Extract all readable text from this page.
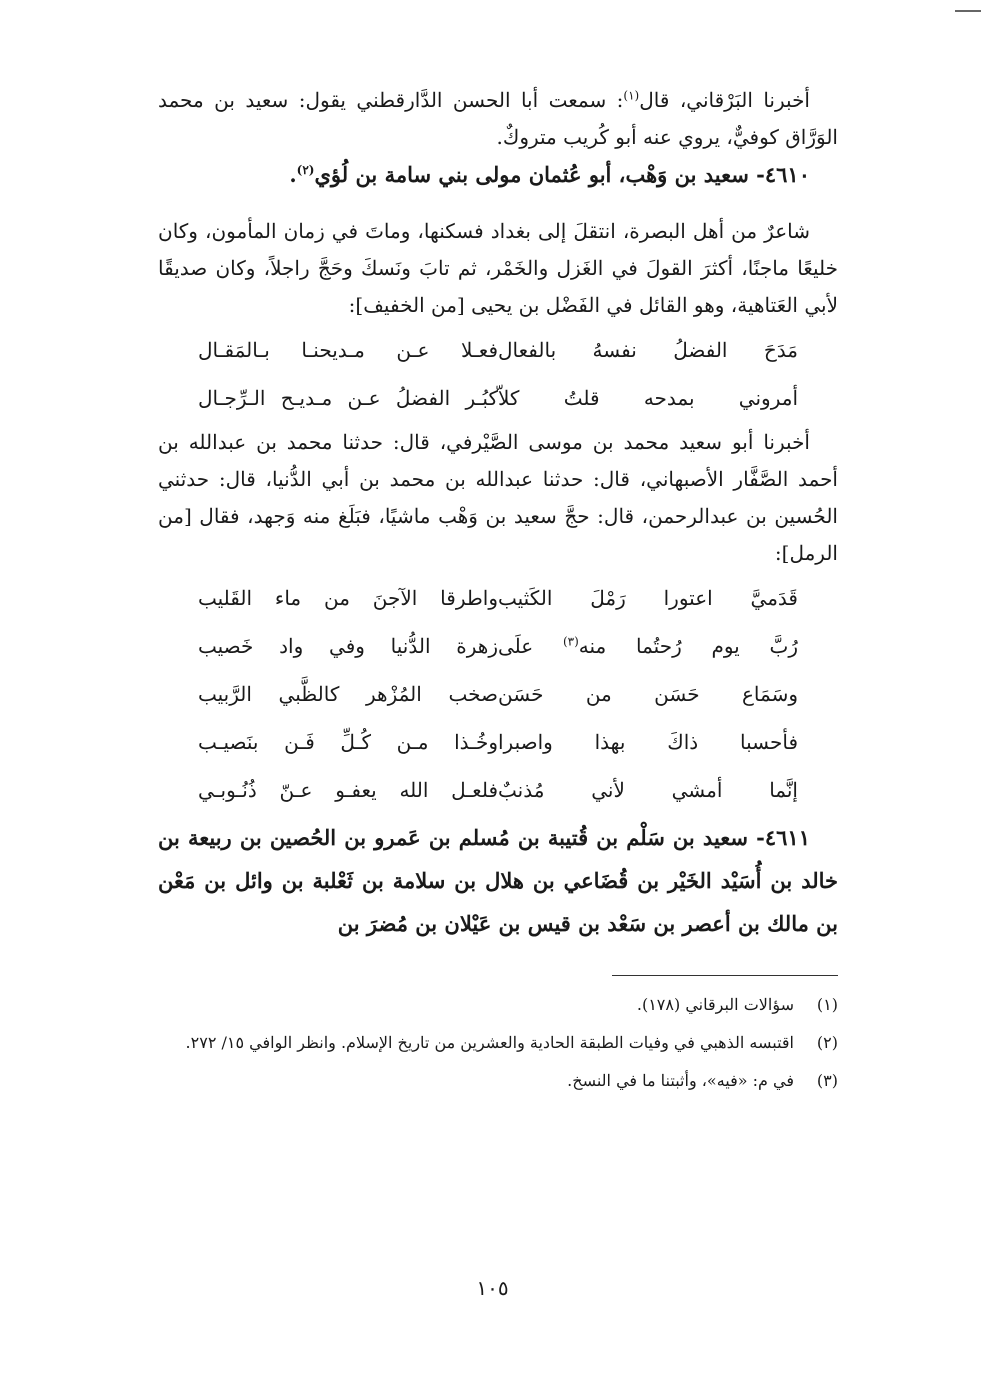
أخبرنا البَرْقاني، قال$^{(١)}$: سمعت أبا الحسن الدَّارقطني يقول: سعيد بن محمد الوَرَّاق كوفيٌّ، يروي عنه أبو كُريب متروكٌ.

٤٦١٠- سعيد بن وَهْب، أبو عُثمان مولى بني سامة بن لُؤي$^{(٢)}$.

شاعرٌ من أهل البصرة، انتقلَ إلى بغداد فسكنها، وماتَ في زمان المأمون، وكان خليعًا ماجنًا، أكثرَ القولَ في الغَزل والخَمْر، ثم تابَ ونَسكَ وحَجَّ راجلاً، وكان صديقًا لأبي العَتاهية، وهو القائل في الفَضْل بن يحيى [من الخفيف]:

مَدَحَ الفضلُ نفسهُ بالفعال
فعـلا عـن مـديحنـا بـالمَقـال
أمروني بمدحه قلتُ كلاّ
كبُـر الفضلُ عـن مـديـح الـرِّجـال

أخبرنا أبو سعيد محمد بن موسى الصَّيْرفي، قال: حدثنا محمد بن عبدالله بن أحمد الصَّفَّار الأصبهاني، قال: حدثنا عبدالله بن محمد بن أبي الدُّنيا، قال: حدثني الحُسين بن عبدالرحمن، قال: حجَّ سعيد بن وَهْب ماشيًا، فبَلَغ منه وَجهد، فقال [من الرمل]:

قَدَميَّ اعتورا رَمْلَ الكَثيب
واطرقا الآجنَ من ماء القَليب
رُبَّ يوم رُحتُما منه$^{(٣)}$ علَى
زهرة الدُّنيا وفي واد خَصيب
وسَمَاع حَسَن من حَسَن
صخب المُزْهر كالظَّبي الرَّبيب
فأحسبا ذاكَ بهذا واصبرا
وخُـذا مـن كُـلِّ فَـن بنَصيـب
إنَّما أمشي لأني مُذنبٌ
فلعـل الله يعفـو عـنّ ذُنُـوبـي

٤٦١١- سعيد بن سَلْم بن قُتيبة بن مُسلم بن عَمرو بن الحُصين بن ربيعة بن خالد بن أُسَيْد الخَيْر بن قُضَاعي بن هلال بن سلامة بن ثَعْلبة بن وائل بن مَعْن بن مالك بن أعصر بن سَعْد بن قيس بن عَيْلان بن مُضرَ بن

(١)
سؤالات البرقاني (١٧٨).
(٢)
اقتبسه الذهبي في وفيات الطبقة الحادية والعشرين من تاريخ الإسلام. وانظر الوافي ١٥/ ٢٧٢.
(٣)
في م: «فيه»، وأثبتنا ما في النسخ.
١٠٥
